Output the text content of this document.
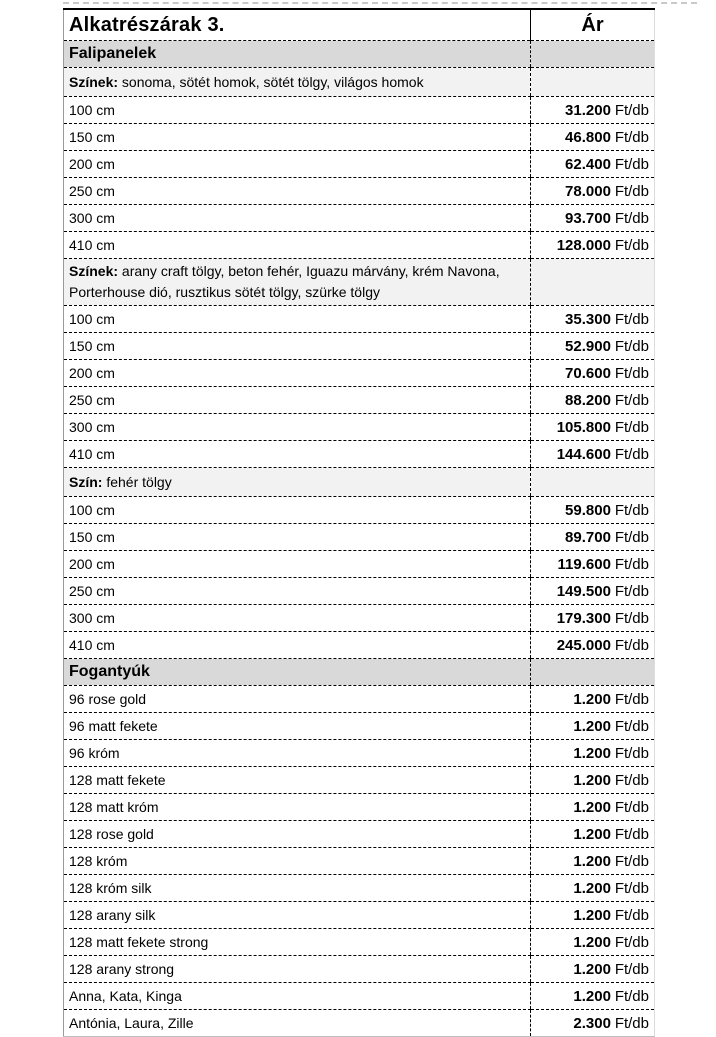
Alkatrészárak 3.	Ár
Falipanelek	
Színek: sonoma, sötét homok, sötét tölgy, világos homok	
100 cm	31.200 Ft/db
150 cm	46.800 Ft/db
200 cm	62.400 Ft/db
250 cm	78.000 Ft/db
300 cm	93.700 Ft/db
410 cm	128.000 Ft/db
Színek: arany craft tölgy, beton fehér, Iguazu márvány, krém Navona, Porterhouse dió, rusztikus sötét tölgy, szürke tölgy	
100 cm	35.300 Ft/db
150 cm	52.900 Ft/db
200 cm	70.600 Ft/db
250 cm	88.200 Ft/db
300 cm	105.800 Ft/db
410 cm	144.600 Ft/db
Szín: fehér tölgy	
100 cm	59.800 Ft/db
150 cm	89.700 Ft/db
200 cm	119.600 Ft/db
250 cm	149.500 Ft/db
300 cm	179.300 Ft/db
410 cm	245.000 Ft/db
Fogantyúk	
96 rose gold	1.200 Ft/db
96 matt fekete	1.200 Ft/db
96 króm	1.200 Ft/db
128 matt fekete	1.200 Ft/db
128 matt króm	1.200 Ft/db
128 rose gold	1.200 Ft/db
128 króm	1.200 Ft/db
128 króm silk	1.200 Ft/db
128 arany silk	1.200 Ft/db
128 matt fekete strong	1.200 Ft/db
128 arany strong	1.200 Ft/db
Anna, Kata, Kinga	1.200 Ft/db
Antónia, Laura, Zille	2.300 Ft/db
